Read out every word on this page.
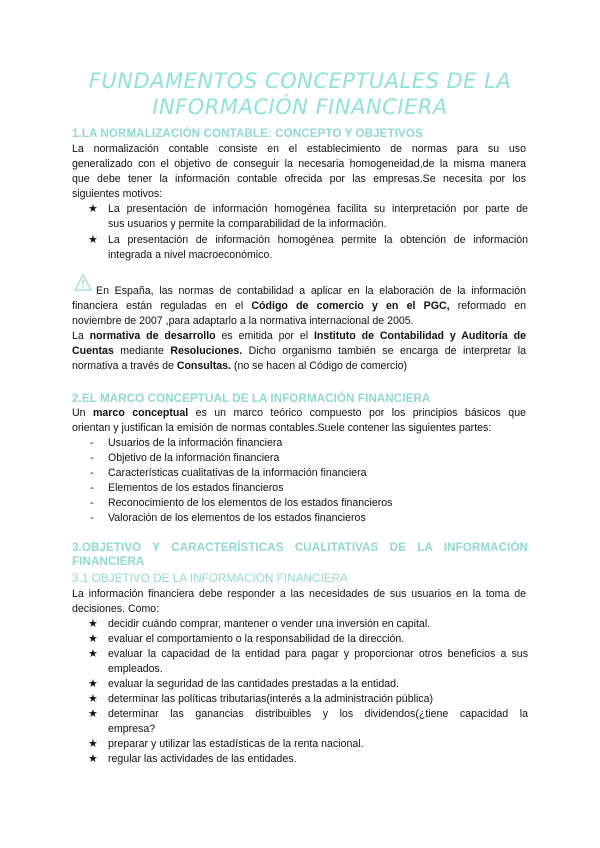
FUNDAMENTOS CONCEPTUALES DE LA
INFORMACIÓN FINANCIERA
1.LA NORMALIZACIÓN CONTABLE: CONCEPTO Y OBJETIVOS
La normalización contable consiste en el establecimiento de normas para su uso
generalizado con el objetivo de conseguir la necesaria homogeneidad,de la misma manera
que debe tener la información contable ofrecida por las empresas.Se necesita por los
siguientes motivos:
★ La presentación de información homogénea facilita su interpretación por parte de
sus usuarios y permite la comparabilidad de la información.
★ La presentación de información homogénea permite la obtención de información
integrada a nivel macroeconómico.
En España, las normas de contabilidad a aplicar en la elaboración de la información
financiera están reguladas en el Código de comercio y en el PGC, reformado en
noviembre de 2007 ,para adaptarlo a la normativa internacional de 2005.
La normativa de desarrollo es emitida por el Instituto de Contabilidad y Auditoría de
Cuentas mediante Resoluciones. Dicho organismo también se encarga de interpretar la
normativa a través de Consultas. (no se hacen al Código de comercio)
2.EL MARCO CONCEPTUAL DE LA INFORMACIÓN FINANCIERA
Un marco conceptual es un marco teórico compuesto por los principios básicos que
orientan y justifican la emisión de normas contables.Suele contener las siguientes partes:
- Usuarios de la información financiera
- Objetivo de la información financiera
- Características cualitativas de la información financiera
- Elementos de los estados financieros
- Reconocimiento de los elementos de los estados financieros
- Valoración de los elementos de los estados financieros
3.OBJETIVO Y CARACTERÍSTICAS CUALITATIVAS DE LA INFORMACIÓN
FINANCIERA
3.1 OBJETIVO DE LA INFORMACIÓN FINANCIERA
La información financiera debe responder a las necesidades de sus usuarios en la toma de
decisiones. Como:
★ decidir cuándo comprar, mantener o vender una inversión en capital.
★ evaluar el comportamiento o la responsabilidad de la dirección.
★ evaluar la capacidad de la entidad para pagar y proporcionar otros beneficios a sus
empleados.
★ evaluar la seguridad de las cantidades prestadas a la entidad.
★ determinar las políticas tributarias(interés a la administración pública)
★ determinar las ganancias distribuibles y los dividendos(¿tiene capacidad la
empresa?
★ preparar y utilizar las estadísticas de la renta nacional.
★ regular las actividades de las entidades.
